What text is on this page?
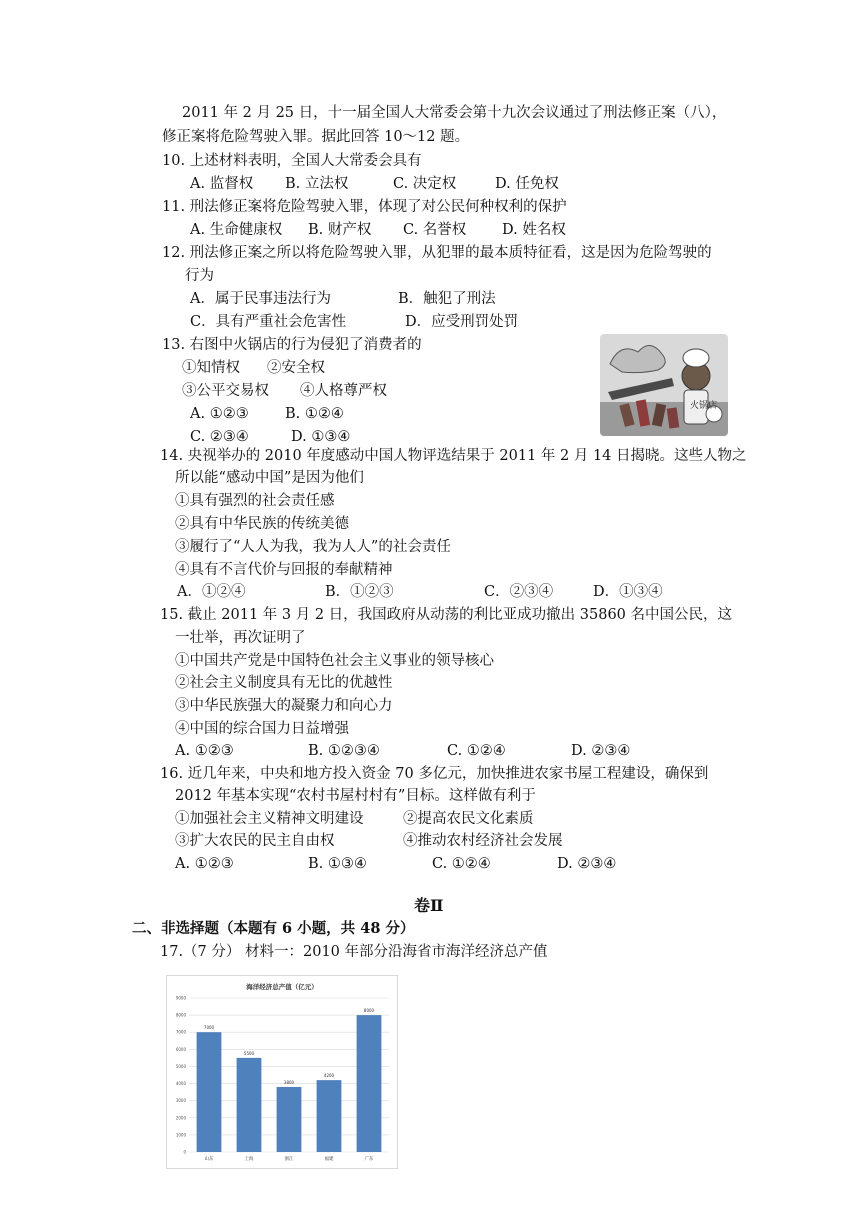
2011 年 2 月 25 日，十一届全国人大常委会第十九次会议通过了刑法修正案（八），
修正案将危险驾驶入罪。据此回答 10～12 题。
10. 上述材料表明，全国人大常委会具有
A. 监督权 B. 立法权	C. 决定权	D. 任免权
11. 刑法修正案将危险驾驶入罪，体现了对公民何种权利的保护
A. 生命健康权 B. 财产权 C. 名誉权 D. 姓名权
12. 刑法修正案之所以将危险驾驶入罪，从犯罪的最本质特征看，这是因为危险驾驶的
行为
A．属于民事违法行为	B．触犯了刑法
C．具有严重社会危害性	D．应受刑罚处罚
13. 右图中火锅店的行为侵犯了消费者的
①知情权 ②安全权
③公平交易权 ④人格尊严权
A. ①②③	B. ①②④
C. ②③④	D. ①③④
火锅店
14. 央视举办的 2010 年度感动中国人物评选结果于 2011 年 2 月 14 日揭晓。这些人物之
所以能“感动中国”是因为他们
①具有强烈的社会责任感
②具有中华民族的传统美德
③履行了“人人为我，我为人人”的社会责任
④具有不言代价与回报的奉献精神
A．①②④	B．①②③	C．②③④	D．①③④
15. 截止 2011 年 3 月 2 日，我国政府从动荡的利比亚成功撤出 35860 名中国公民，这
一壮举，再次证明了
①中国共产党是中国特色社会主义事业的领导核心
②社会主义制度具有无比的优越性
③中华民族强大的凝聚力和向心力
④中国的综合国力日益增强
A. ①②③	B. ①②③④	C. ①②④	D. ②③④
16. 近几年来，中央和地方投入资金 70 多亿元，加快推进农家书屋工程建设，确保到
2012 年基本实现“农村书屋村村有”目标。这样做有利于
①加强社会主义精神文明建设	②提高农民文化素质
③扩大农民的民主自由权	④推动农村经济社会发展
A. ①②③	B. ①③④	C. ①②④	D. ②③④
卷Ⅱ
二、非选择题（本题有 6 小题，共 48 分）
17.（7 分） 材料一：2010 年部分沿海省市海洋经济总产值
海洋经济总产值（亿元）
0
1000
2000
3000
4000
5000
6000
7000
8000
9000
7000
山东
5500
上海
3800
浙江
4200
福建
8000
广东
